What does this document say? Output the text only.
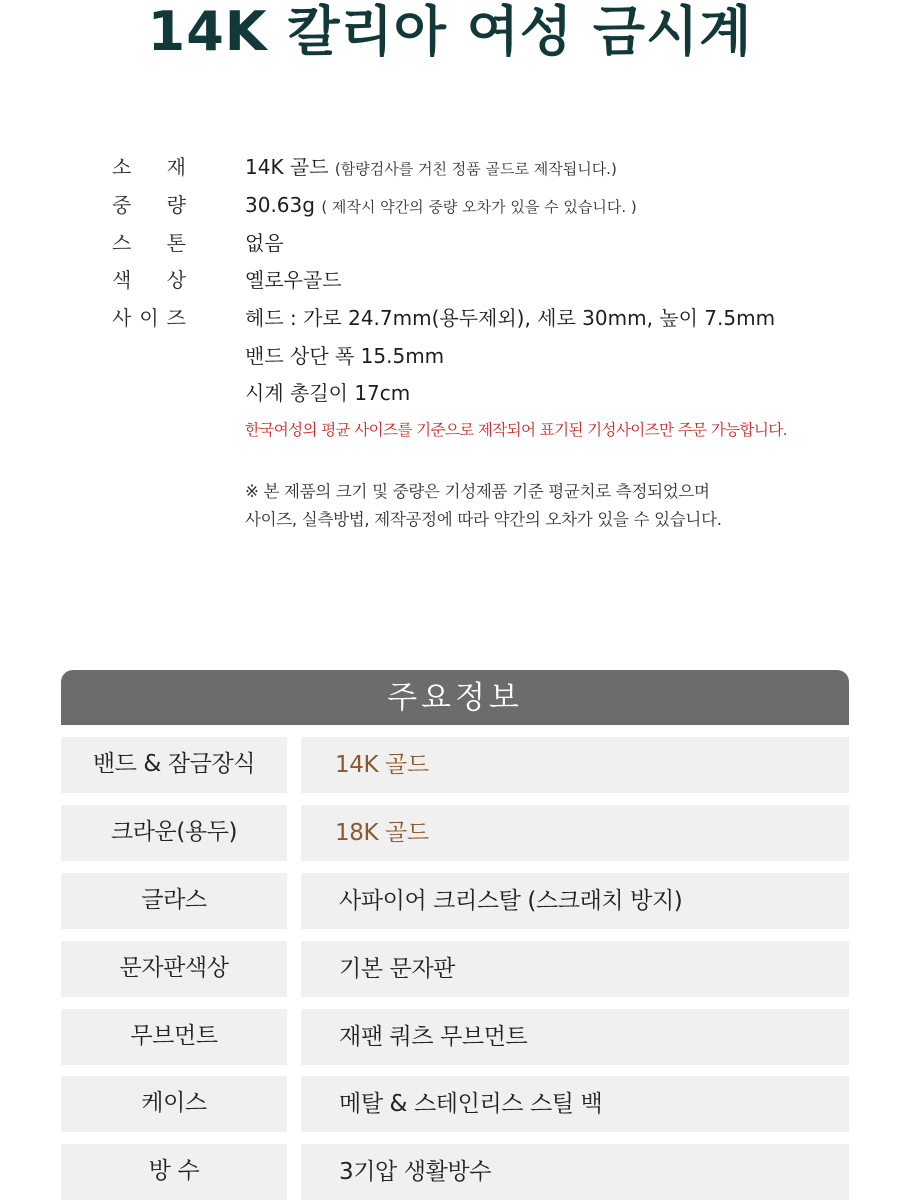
14K 칼리아 여성 금시계
소 재	14K 골드 (함량검사를 거친 정품 골드로 제작됩니다.)
중 량	30.63g ( 제작시 약간의 중량 오차가 있을 수 있습니다. )
스 톤	없음
색 상	옐로우골드
사 이 즈	헤드 : 가로 24.7mm(용두제외), 세로 30mm, 높이 7.5mm
밴드 상단 폭 15.5mm
시계 총길이 17cm
한국여성의 평균 사이즈를 기준으로 제작되어 표기된 기성사이즈만 주문 가능합니다.
※ 본 제품의 크기 및 중량은 기성제품 기준 평균치로 측정되었으며
사이즈, 실측방법, 제작공정에 따라 약간의 오차가 있을 수 있습니다.
주요정보
밴드 & 잠금장식	14K 골드
크라운(용두)	18K 골드
글라스	사파이어 크리스탈 (스크래치 방지)
문자판색상	기본 문자판
무브먼트	재팬 쿼츠 무브먼트
케이스	메탈 & 스테인리스 스틸 백
방 수	3기압 생활방수
